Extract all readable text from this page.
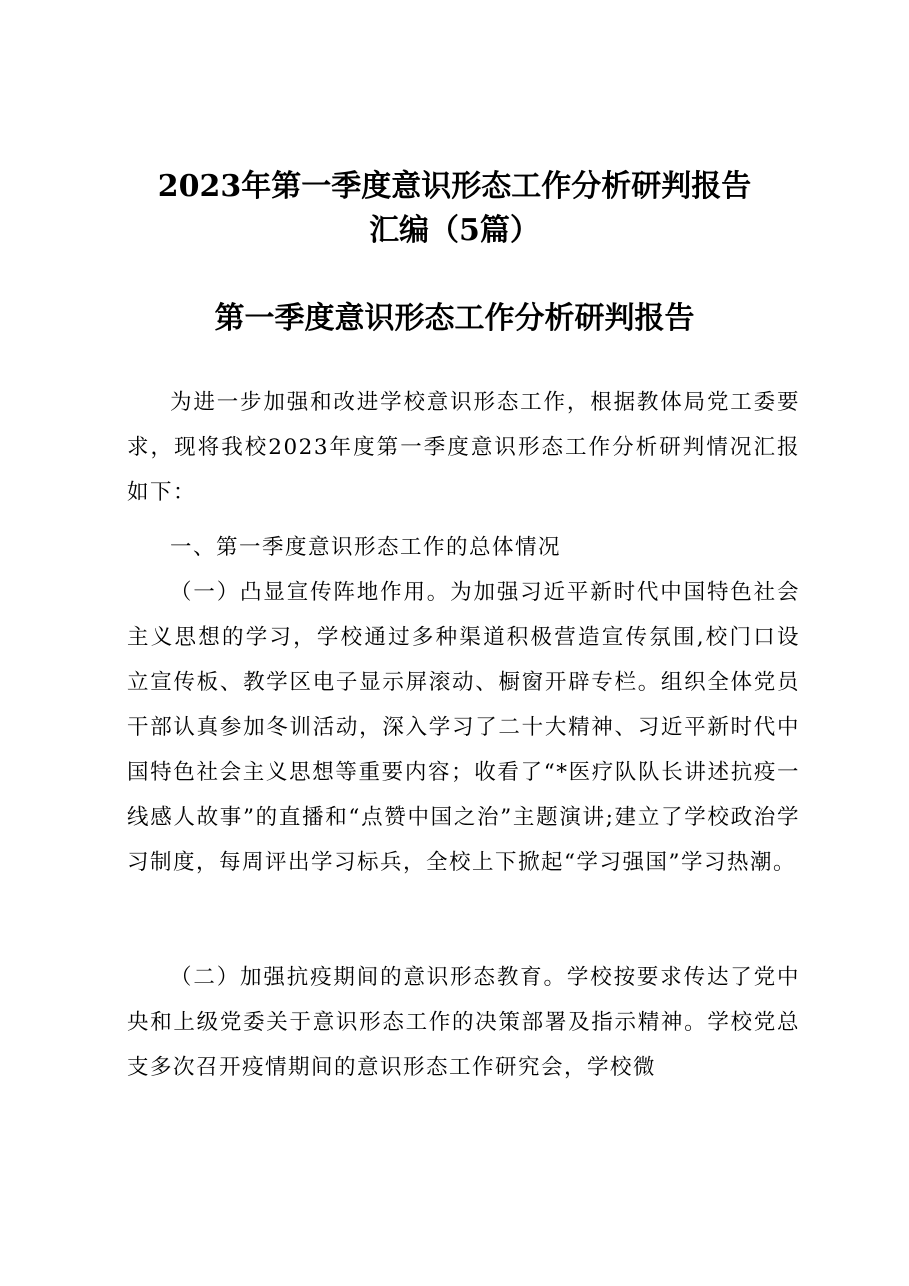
2023年第一季度意识形态工作分析研判报告
汇编（5篇）
第一季度意识形态工作分析研判报告

为进一步加强和改进学校意识形态工作，根据教体局党工委要求，现将我校2023年度第一季度意识形态工作分析研判情况汇报如下：

一、第一季度意识形态工作的总体情况

（一）凸显宣传阵地作用。为加强习近平新时代中国特色社会主义思想的学习，学校通过多种渠道积极营造宣传氛围,校门口设立宣传板、教学区电子显示屏滚动、橱窗开辟专栏。组织全体党员干部认真参加冬训活动，深入学习了二十大精神、习近平新时代中国特色社会主义思想等重要内容；收看了“*医疗队队长讲述抗疫一线感人故事”的直播和“点赞中国之治”主题演讲;建立了学校政治学习制度，每周评出学习标兵，全校上下掀起“学习强国”学习热潮。

（二）加强抗疫期间的意识形态教育。学校按要求传达了党中央和上级党委关于意识形态工作的决策部署及指示精神。学校党总支多次召开疫情期间的意识形态工作研究会，学校微
